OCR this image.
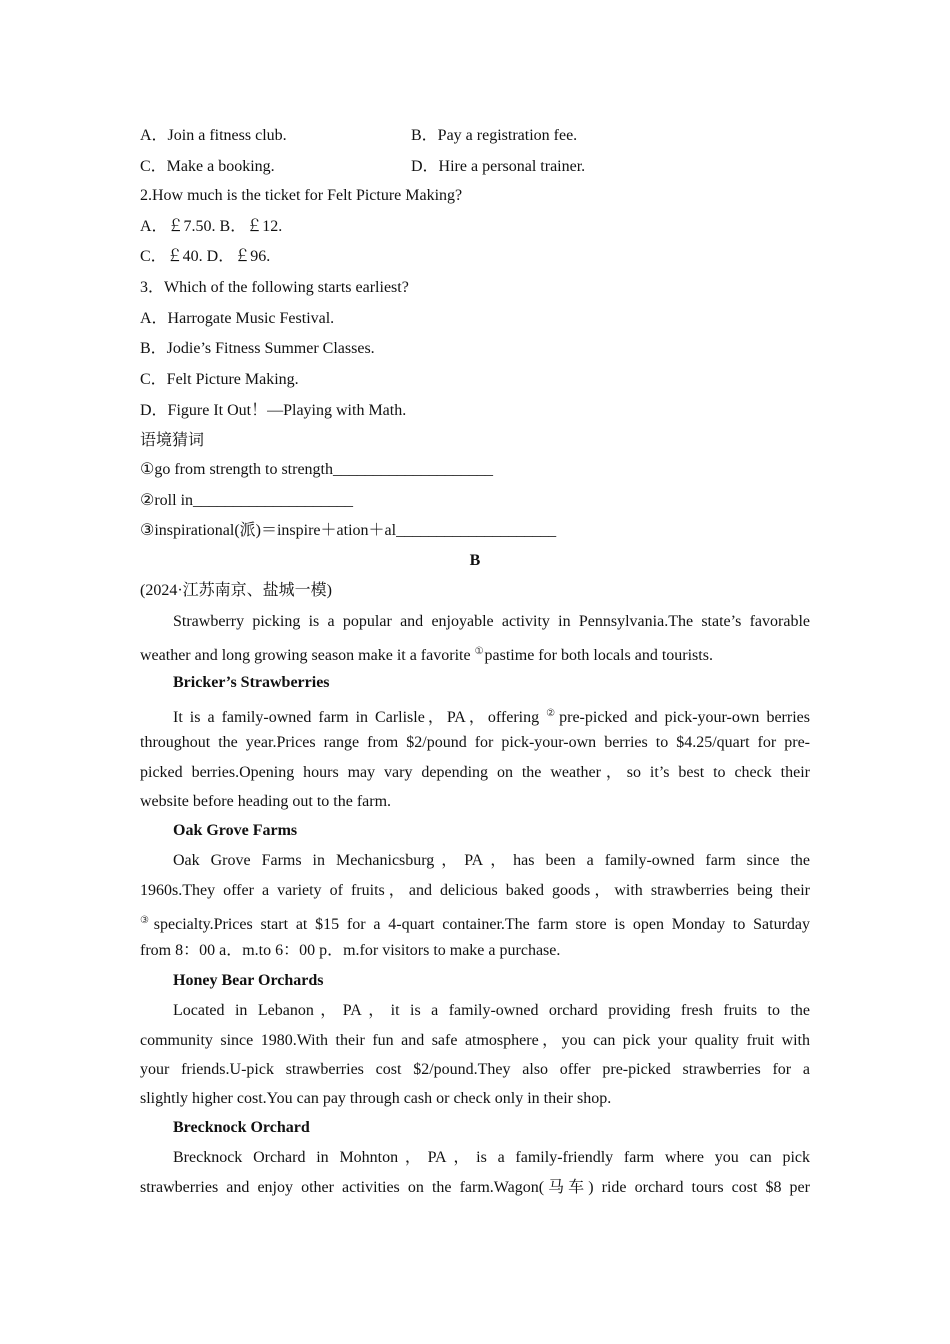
A．Join a fitness club.	B．Pay a registration fee.
C．Make a booking.	D．Hire a personal trainer.
2.How much is the ticket for Felt Picture Making?
A．￡7.50. B．￡12.
C．￡40. D．￡96.
3．Which of the following starts earliest?
A．Harrogate Music Festival.
B．Jodie’s Fitness Summer Classes.
C．Felt Picture Making.
D．Figure It Out！—Playing with Math.
语境猜词
①go from strength to strength____________________
②roll in____________________
③inspirational(派)＝inspire＋ation＋al____________________
B
(2024·江苏南京、盐城一模)
Strawberry picking is a popular and enjoyable activity in Pennsylvania.The state’s favorable
weather and long growing season make it a favorite ①pastime for both locals and tourists.
Bricker’s Strawberries
It is a family-owned farm in Carlisle，PA，offering ②pre-picked and pick-your-own berries
throughout the year.Prices range from $2/pound for pick-your-own berries to $4.25/quart for pre-
picked berries.Opening hours may vary depending on the weather，so it’s best to check their
website before heading out to the farm.
Oak Grove Farms
Oak Grove Farms in Mechanicsburg，PA，has been a family-owned farm since the
1960s.They offer a variety of fruits，and delicious baked goods，with strawberries being their
③specialty.Prices start at $15 for a 4-quart container.The farm store is open Monday to Saturday
from 8：00 a．m.to 6：00 p．m.for visitors to make a purchase.
Honey Bear Orchards
Located in Lebanon，PA，it is a family-owned orchard providing fresh fruits to the
community since 1980.With their fun and safe atmosphere，you can pick your quality fruit with
your friends.U-pick strawberries cost $2/pound.They also offer pre-picked strawberries for a
slightly higher cost.You can pay through cash or check only in their shop.
Brecknock Orchard
Brecknock Orchard in Mohnton，PA，is a family-friendly farm where you can pick
strawberries and enjoy other activities on the farm.Wagon(马车) ride orchard tours cost $8 per
